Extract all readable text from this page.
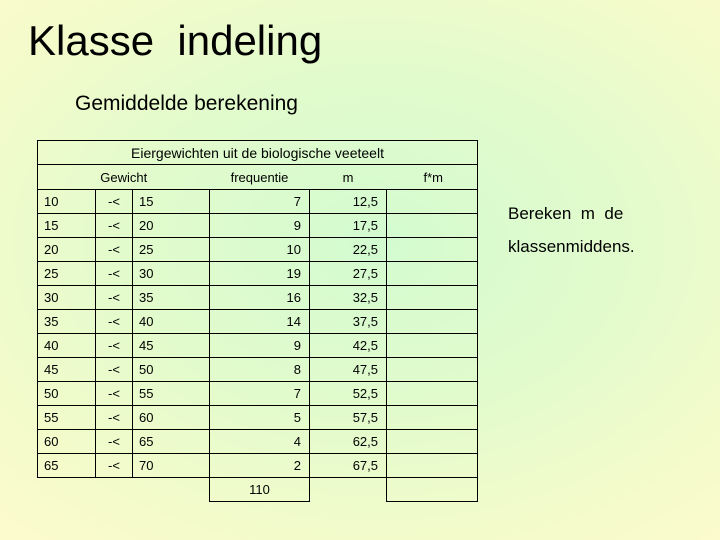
Klasse  indeling
Gemiddelde berekening
Eiergewichten uit de biologische veeteelt					
Gewicht			frequentie	m	f*m
10	-<	15	7	12,5	
15	-<	20	9	17,5	
20	-<	25	10	22,5	
25	-<	30	19	27,5	
30	-<	35	16	32,5	
35	-<	40	14	37,5	
40	-<	45	9	42,5	
45	-<	50	8	47,5	
50	-<	55	7	52,5	
55	-<	60	5	57,5	
60	-<	65	4	62,5	
65	-<	70	2	67,5	
			110		
Bereken  m  de
klassenmiddens.
